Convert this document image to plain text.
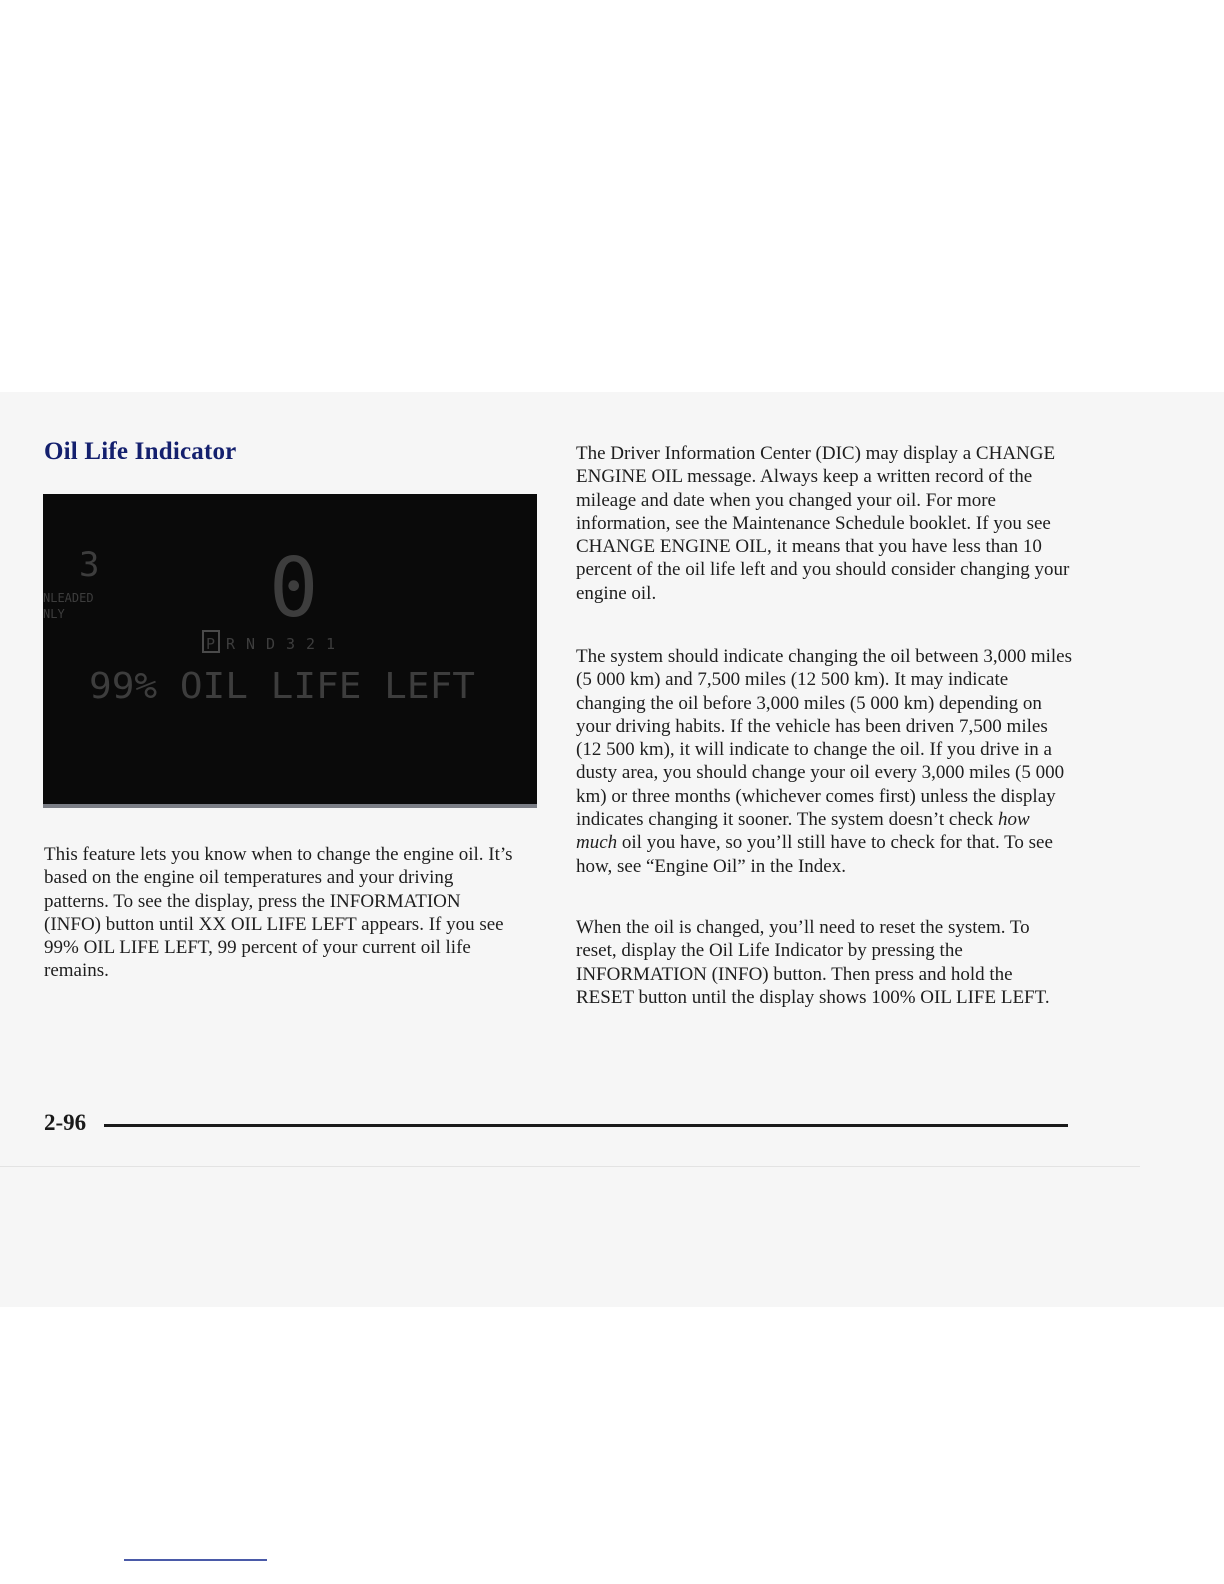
Oil Life Indicator
3
NLEADED
NLY 0
P R N D 3 2 1
99% OIL LIFE LEFT

This feature lets you know when to change the engine oil. It’s based on the engine oil temperatures and your driving patterns. To see the display, press the INFORMATION (INFO) button until XX OIL LIFE LEFT appears. If you see 99% OIL LIFE LEFT, 99 percent of your current oil life remains.

The Driver Information Center (DIC) may display a CHANGE ENGINE OIL message. Always keep a written record of the mileage and date when you changed your oil. For more information, see the Maintenance Schedule booklet. If you see CHANGE ENGINE OIL, it means that you have less than 10 percent of the oil life left and you should consider changing your engine oil.

The system should indicate changing the oil between 3,000 miles (5 000 km) and 7,500 miles (12 500 km). It may indicate changing the oil before 3,000 miles (5 000 km) depending on your driving habits. If the vehicle has been driven 7,500 miles (12 500 km), it will indicate to change the oil. If you drive in a dusty area, you should change your oil every 3,000 miles (5 000 km) or three months (whichever comes first) unless the display indicates changing it sooner. The system doesn’t check how much oil you have, so you’ll still have to check for that. To see how, see “Engine Oil” in the Index.

When the oil is changed, you’ll need to reset the system. To reset, display the Oil Life Indicator by pressing the INFORMATION (INFO) button. Then press and hold the RESET button until the display shows 100% OIL LIFE LEFT.

2-96
